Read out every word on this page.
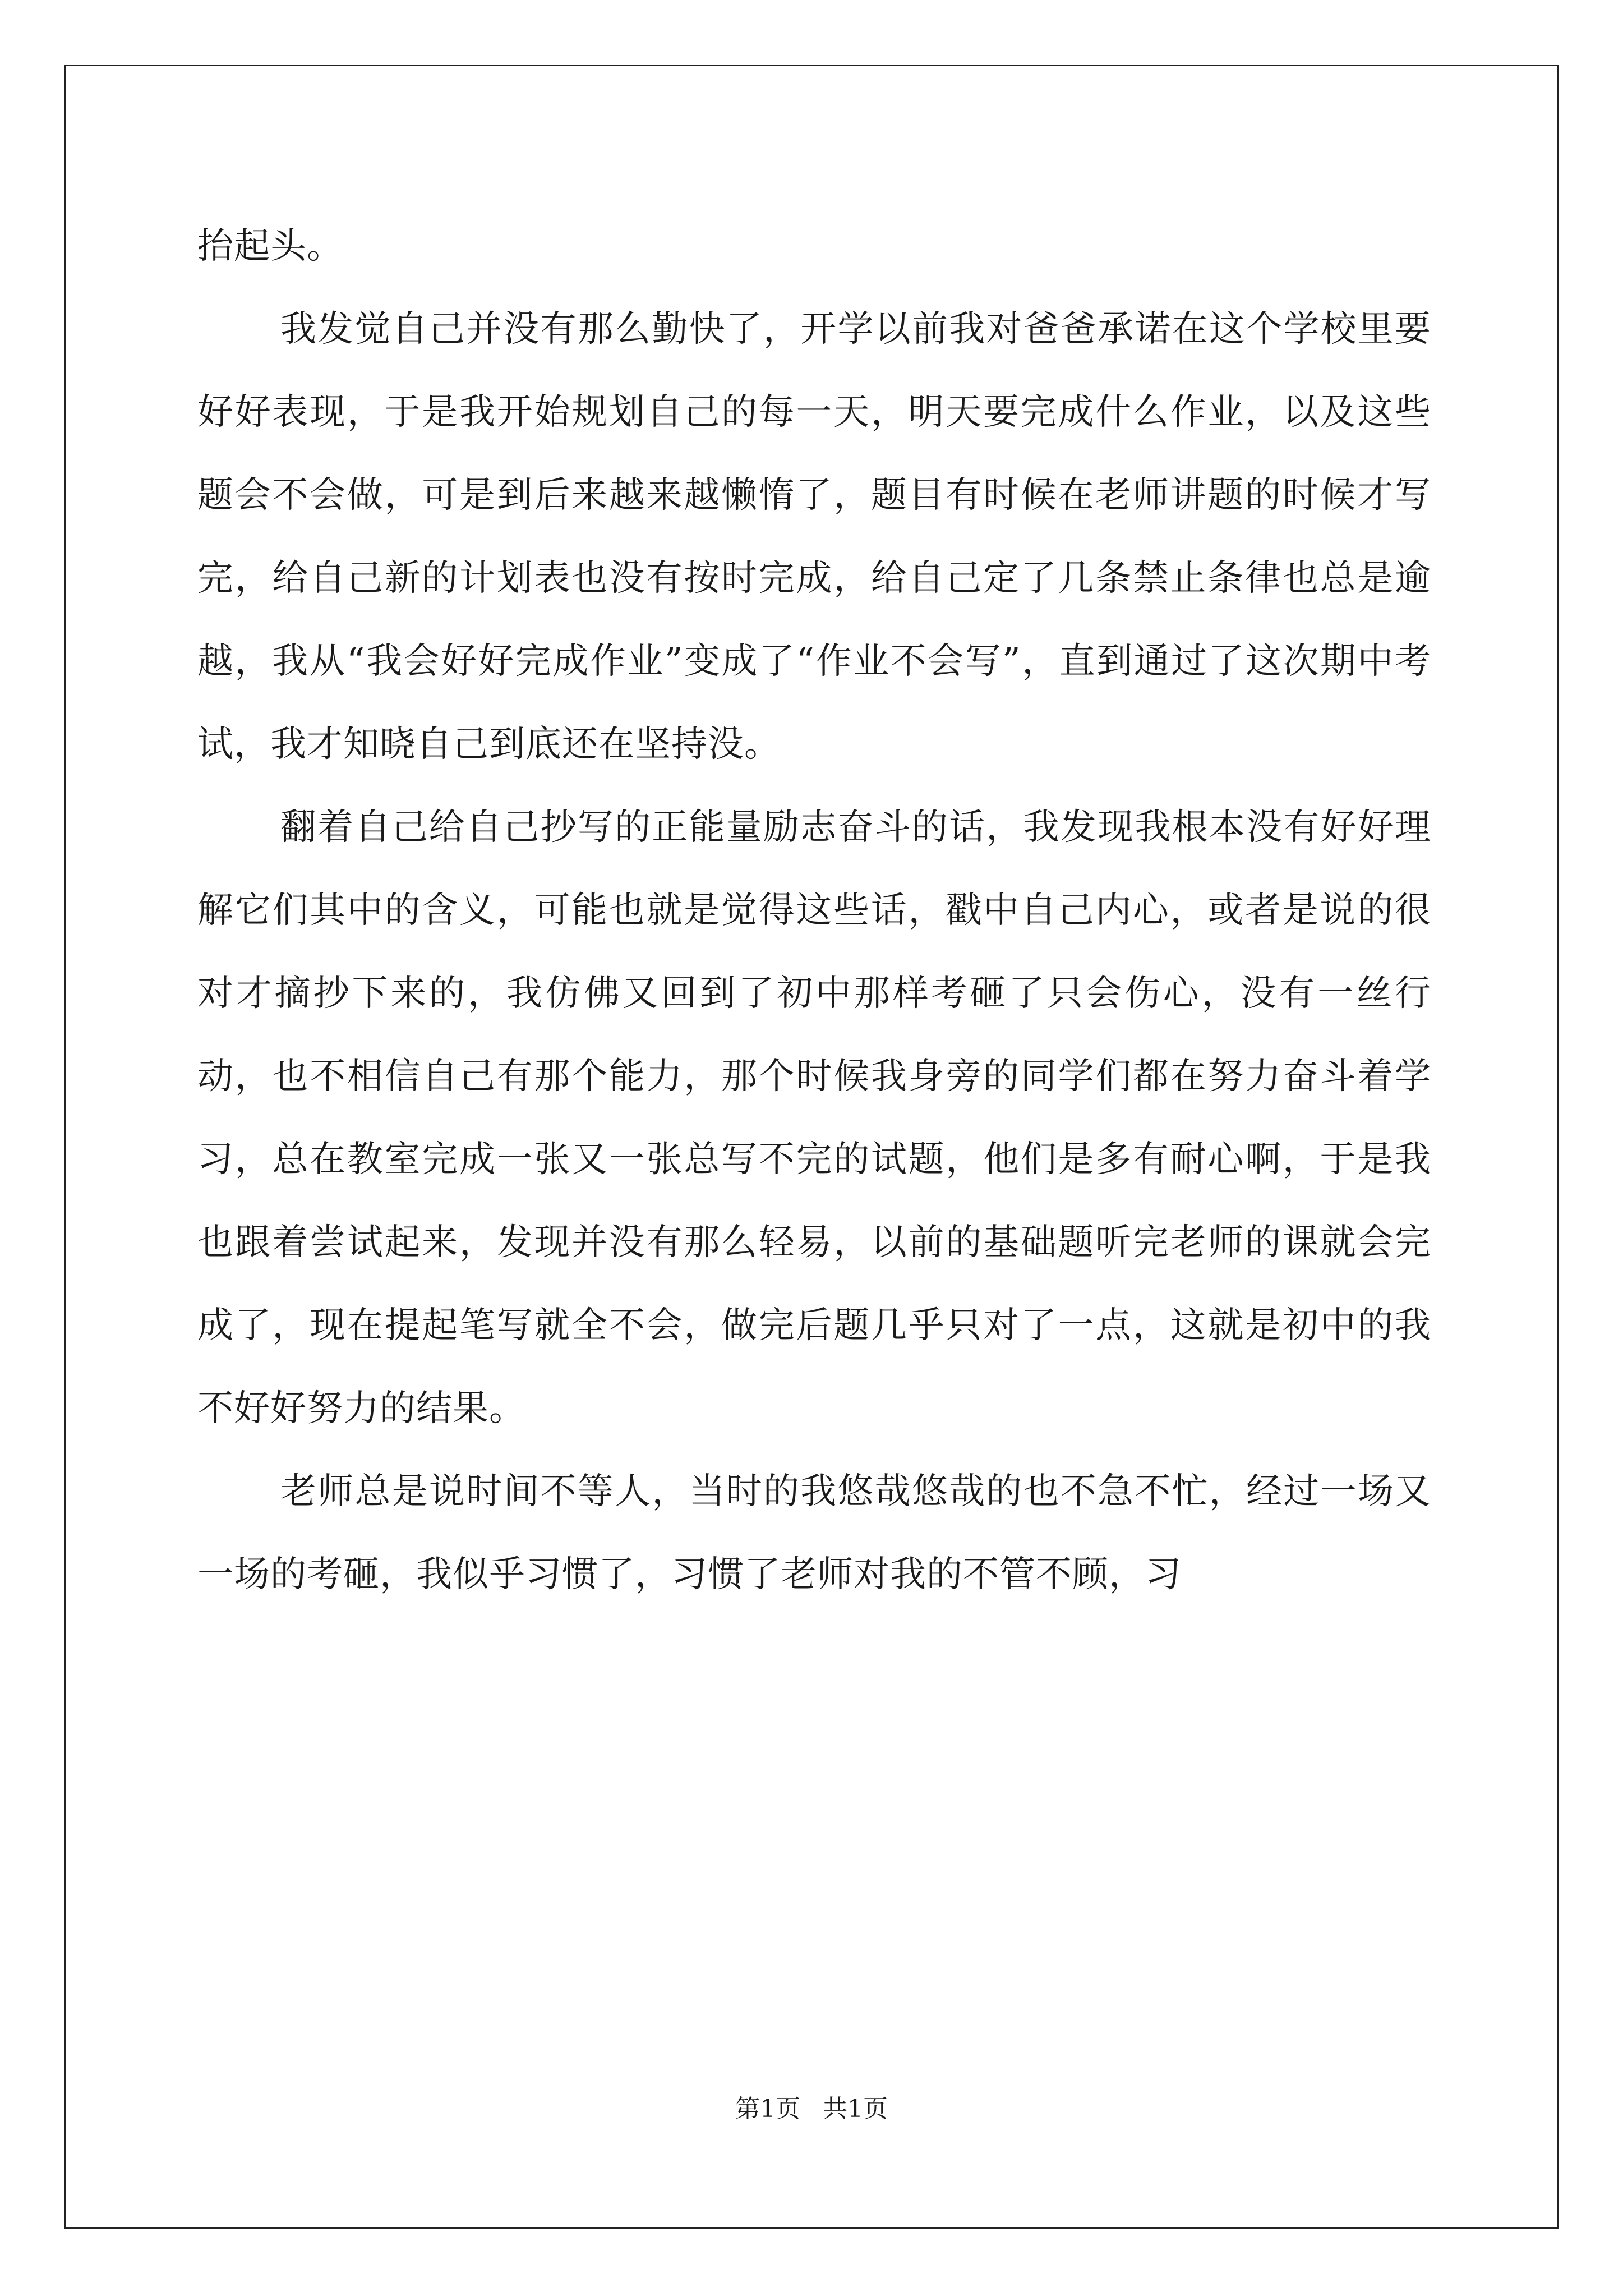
抬起头。

我发觉自己并没有那么勤快了，开学以前我对爸爸承诺在这个学校里要好好表现，于是我开始规划自己的每一天，明天要完成什么作业，以及这些题会不会做，可是到后来越来越懒惰了，题目有时候在老师讲题的时候才写完，给自己新的计划表也没有按时完成，给自己定了几条禁止条律也总是逾越，我从“我会好好完成作业”变成了“作业不会写”，直到通过了这次期中考试，我才知晓自己到底还在坚持没。

翻着自己给自己抄写的正能量励志奋斗的话，我发现我根本没有好好理解它们其中的含义，可能也就是觉得这些话，戳中自己内心，或者是说的很对才摘抄下来的，我仿佛又回到了初中那样考砸了只会伤心，没有一丝行动，也不相信自己有那个能力，那个时候我身旁的同学们都在努力奋斗着学习，总在教室完成一张又一张总写不完的试题，他们是多有耐心啊，于是我也跟着尝试起来，发现并没有那么轻易，以前的基础题听完老师的课就会完成了，现在提起笔写就全不会，做完后题几乎只对了一点，这就是初中的我不好好努力的结果。

老师总是说时间不等人，当时的我悠哉悠哉的也不急不忙，经过一场又一场的考砸，我似乎习惯了，习惯了老师对我的不管不顾，习

第1页 共1页
